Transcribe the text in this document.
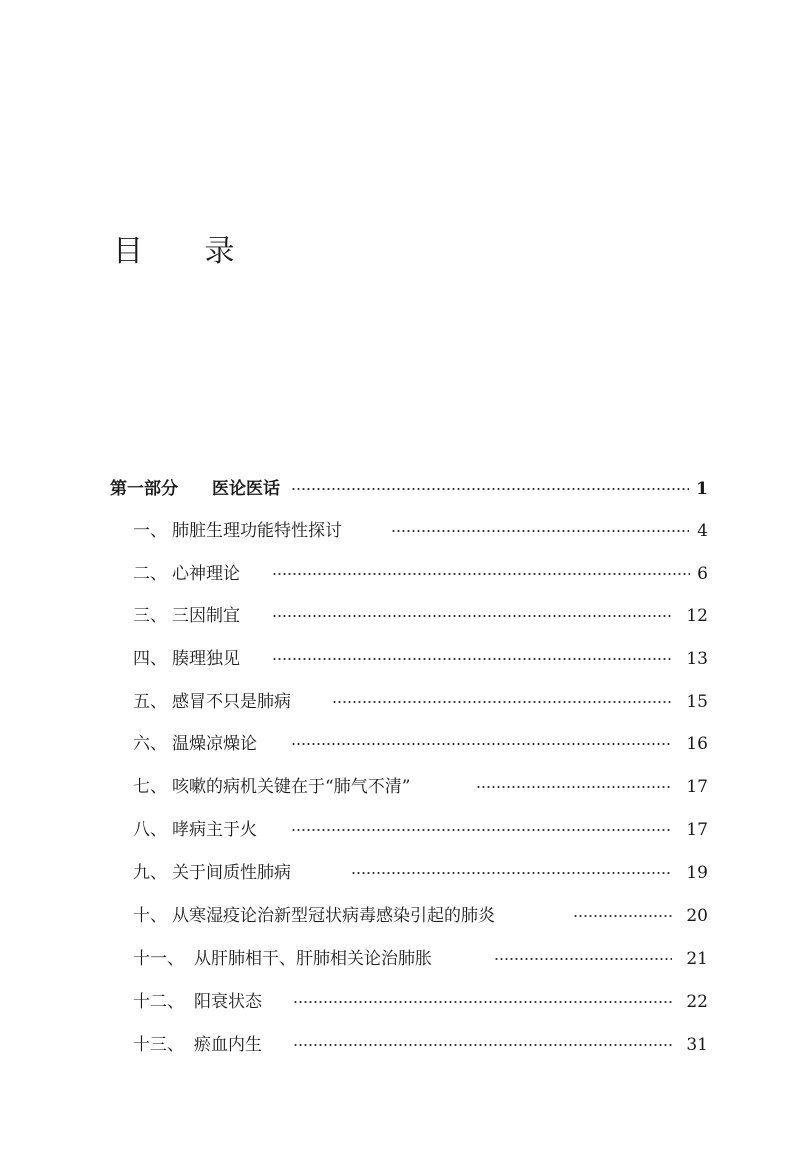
目 录
第一部分 医论医话	1
一、 肺脏生理功能特性探讨	4
二、 心神理论	6
三、 三因制宜	12
四、 腠理独见	13
五、 感冒不只是肺病	15
六、 温燥凉燥论	16
七、 咳嗽的病机关键在于“肺气不清”	17
八、 哮病主于火	17
九、 关于间质性肺病	19
十、 从寒湿疫论治新型冠状病毒感染引起的肺炎	20
十一、 从肝肺相干、肝肺相关论治肺胀	21
十二、 阳衰状态	22
十三、 瘀血内生	31
